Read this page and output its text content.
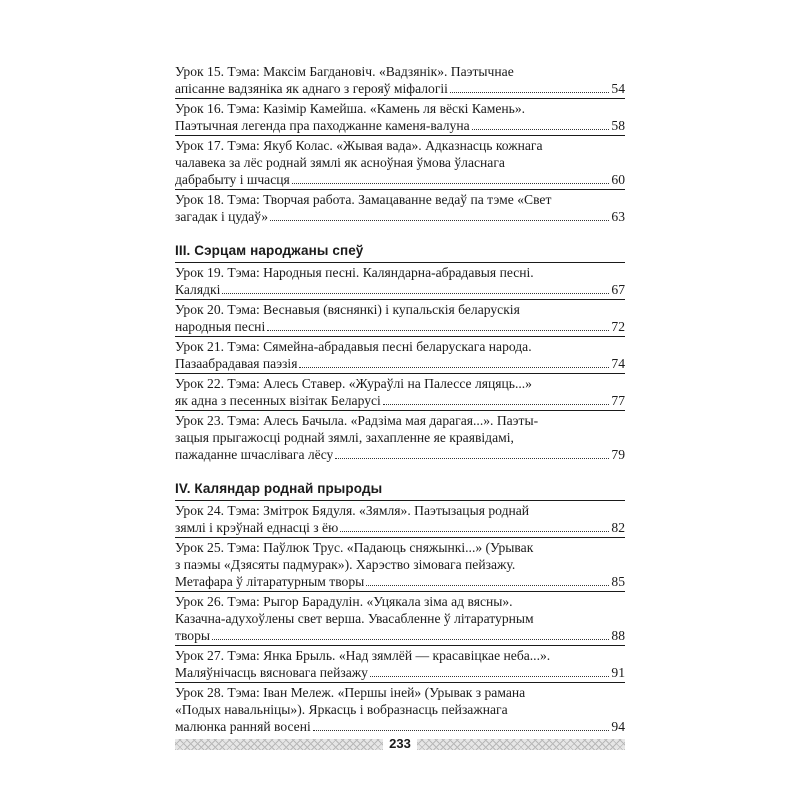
Урок 15. Тэма: Максім Багдановіч. «Вадзянік». Паэтычнае
апісанне вадзяніка як аднаго з герояў міфалогіі	54
Урок 16. Тэма: Казімір Камейша. «Камень ля вёскі Камень».
Паэтычная легенда пра паходжанне каменя-валуна	58
Урок 17. Тэма: Якуб Колас. «Жывая вада». Адказнасць кожнага
чалавека за лёс роднай зямлі як асноўная ўмова ўласнага
дабрабыту і шчасця	60
Урок 18. Тэма: Творчая работа. Замацаванне ведаў па тэме «Свет
загадак і цудаў»	63
III. Сэрцам народжаны спеў
Урок 19. Тэма: Народныя песні. Каляндарна-абрадавыя песні.
Калядкі	67
Урок 20. Тэма: Веснавыя (вяснянкі) і купальскія беларускія
народныя песні	72
Урок 21. Тэма: Сямейна-абрадавыя песні беларускага народа.
Пазаабрадавая паэзія	74
Урок 22. Тэма: Алесь Ставер. «Жураўлі на Палессе ляцяць...»
як адна з песенных візітак Беларусі	77
Урок 23. Тэма: Алесь Бачыла. «Радзіма мая дарагая...». Паэты-
зацыя прыгажосці роднай зямлі, захапленне яе краявідамі,
пажаданне шчаслівага лёсу	79
IV. Каляндар роднай прыроды
Урок 24. Тэма: Змітрок Бядуля. «Зямля». Паэтызацыя роднай
зямлі і крэўнай еднасці з ёю	82
Урок 25. Тэма: Паўлюк Трус. «Падаюць сняжынкі...» (Урывак
з паэмы «Дзясяты падмурак»). Харэство зімовага пейзажу.
Метафара ў літаратурным творы	85
Урок 26. Тэма: Рыгор Барадулін. «Уцякала зіма ад вясны».
Казачна-адухоўлены свет верша. Увасабленне ў літаратурным
творы	88
Урок 27. Тэма: Янка Брыль. «Над зямлёй — красавіцкае неба...».
Маляўнічасць вясновага пейзажу	91
Урок 28. Тэма: Іван Мележ. «Першы іней» (Урывак з рамана
«Подых навальніцы»). Яркасць і вобразнасць пейзажнага
малюнка ранняй восені	94
233
